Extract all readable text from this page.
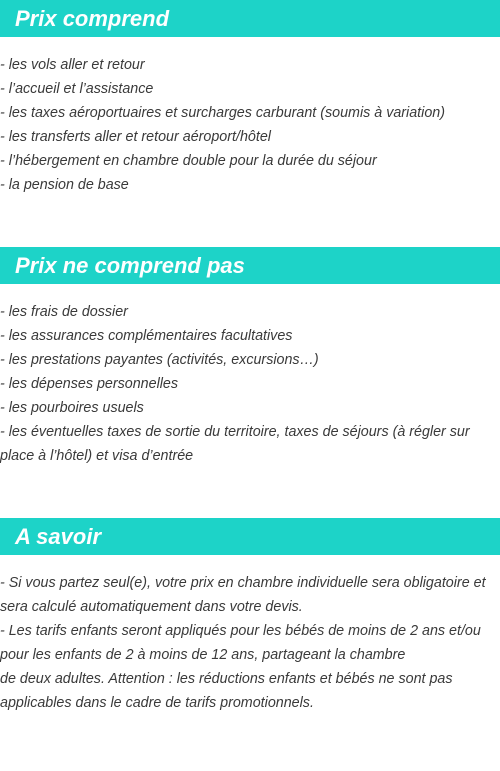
Prix comprend
- les vols aller et retour
- l’accueil et l’assistance
- les taxes aéroportuaires et surcharges carburant (soumis à variation)
- les transferts aller et retour aéroport/hôtel
- l’hébergement en chambre double pour la durée du séjour
- la pension de base
Prix ne comprend pas
- les frais de dossier
- les assurances complémentaires facultatives
- les prestations payantes (activités, excursions…)
- les dépenses personnelles
- les pourboires usuels
- les éventuelles taxes de sortie du territoire, taxes de séjours (à régler sur place à l’hôtel) et visa d’entrée
A savoir

- Si vous partez seul(e), votre prix en chambre individuelle sera obligatoire et sera calculé automatiquement dans votre devis.

- Les tarifs enfants seront appliqués pour les bébés de moins de 2 ans et/ou pour les enfants de 2 à moins de 12 ans, partageant la chambre

de deux adultes. Attention : les réductions enfants et bébés ne sont pas applicables dans le cadre de tarifs promotionnels.
